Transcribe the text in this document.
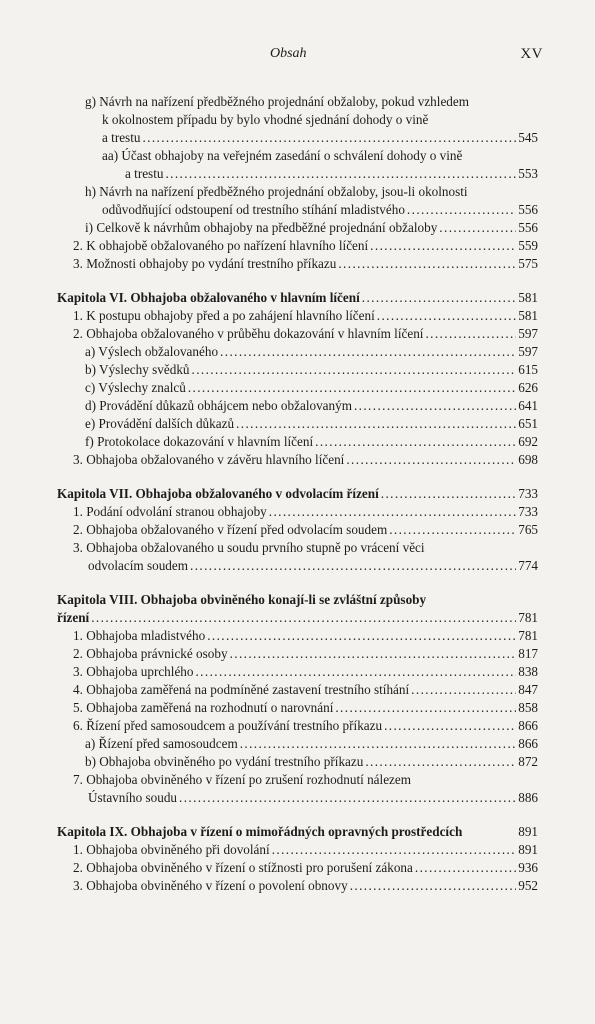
Obsah	XV
g) Návrh na nařízení předběžného projednání obžaloby, pokud vzhledem
k okolnostem případu by bylo vhodné sjednání dohody o vině
a trestu .....	545
aa) Účast obhajoby na veřejném zasedání o schválení dohody o vině
a trestu .....	553
h) Návrh na nařízení předběžného projednání obžaloby, jsou-li okolnosti
odůvodňující odstoupení od trestního stíhání mladistvého .....	556
i) Celkově k návrhům obhajoby na předběžné projednání obžaloby .....	556
2. K obhajobě obžalovaného po nařízení hlavního líčení .....	559
3. Možnosti obhajoby po vydání trestního příkazu .....	575
Kapitola VI. Obhajoba obžalovaného v hlavním líčení .....	581
1. K postupu obhajoby před a po zahájení hlavního líčení .....	581
2. Obhajoba obžalovaného v průběhu dokazování v hlavním líčení .....	597
a) Výslech obžalovaného .....	597
b) Výslechy svědků .....	615
c) Výslechy znalců .....	626
d) Provádění důkazů obhájcem nebo obžalovaným .....	641
e) Provádění dalších důkazů .....	651
f) Protokolace dokazování v hlavním líčení .....	692
3. Obhajoba obžalovaného v závěru hlavního líčení .....	698
Kapitola VII. Obhajoba obžalovaného v odvolacím řízení .....	733
1. Podání odvolání stranou obhajoby .....	733
2. Obhajoba obžalovaného v řízení před odvolacím soudem .....	765
3. Obhajoba obžalovaného u soudu prvního stupně po vrácení věci
odvolacím soudem .....	774
Kapitola VIII. Obhajoba obviněného konají-li se zvláštní způsoby
řízení .....	781
1. Obhajoba mladistvého .....	781
2. Obhajoba právnické osoby .....	817
3. Obhajoba uprchlého .....	838
4. Obhajoba zaměřená na podmíněné zastavení trestního stíhání .....	847
5. Obhajoba zaměřená na rozhodnutí o narovnání .....	858
6. Řízení před samosoudcem a používání trestního příkazu .....	866
a) Řízení před samosoudcem .....	866
b) Obhajoba obviněného po vydání trestního příkazu .....	872
7. Obhajoba obviněného v řízení po zrušení rozhodnutí nálezem
Ústavního soudu .....	886
Kapitola IX. Obhajoba v řízení o mimořádných opravných prostředcích	891
1. Obhajoba obviněného při dovolání .....	891
2. Obhajoba obviněného v řízení o stížnosti pro porušení zákona .....	936
3. Obhajoba obviněného v řízení o povolení obnovy .....	952
